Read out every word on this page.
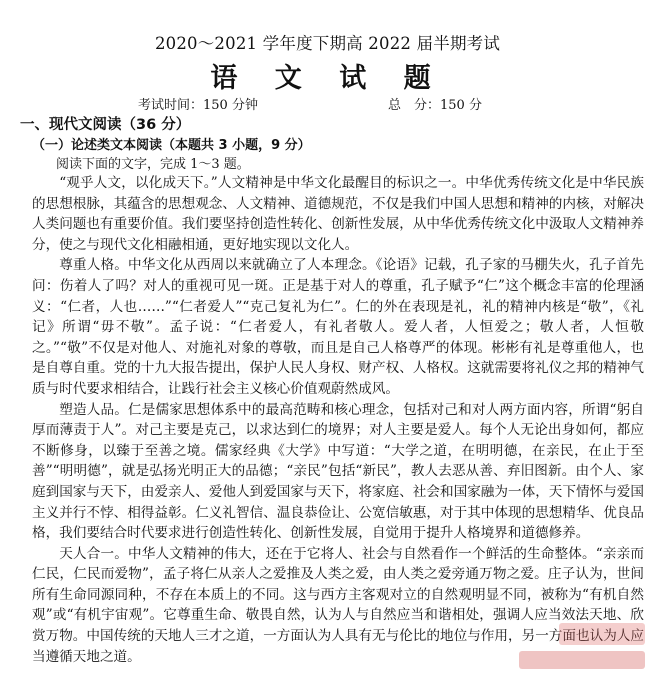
2020～2021 学年度下期高 2022 届半期考试
语 文 试 题
考试时间：150 分钟	总　分：150 分
一、现代文阅读（36 分）
（一）论述类文本阅读（本题共 3 小题，9 分）
阅读下面的文字，完成 1～3 题。

“观乎人文，以化成天下。”人文精神是中华文化最醒目的标识之一。中华优秀传统文化是中华民族的思想根脉，其蕴含的思想观念、人文精神、道德规范，不仅是我们中国人思想和精神的内核，对解决人类问题也有重要价值。我们要坚持创造性转化、创新性发展，从中华优秀传统文化中汲取人文精神养分，使之与现代文化相融相通，更好地实现以文化人。

尊重人格。中华文化从西周以来就确立了人本理念。《论语》记载，孔子家的马棚失火，孔子首先问：伤着人了吗？对人的重视可见一斑。正是基于对人的尊重，孔子赋予“仁”这个概念丰富的伦理涵义：“仁者，人也……”“仁者爱人”“克己复礼为仁”。仁的外在表现是礼，礼的精神内核是“敬”，《礼记》所谓“毋不敬”。孟子说：“仁者爱人，有礼者敬人。爱人者，人恒爱之；敬人者，人恒敬之。”“敬”不仅是对他人、对施礼对象的尊敬，而且是自己人格尊严的体现。彬彬有礼是尊重他人，也是自尊自重。党的十九大报告提出，保护人民人身权、财产权、人格权。这就需要将礼仪之邦的精神气质与时代要求相结合，让践行社会主义核心价值观蔚然成风。

塑造人品。仁是儒家思想体系中的最高范畴和核心理念，包括对己和对人两方面内容，所谓“躬自厚而薄责于人”。对己主要是克己，以求达到仁的境界；对人主要是爱人。每个人无论出身如何，都应不断修身，以臻于至善之境。儒家经典《大学》中写道：“大学之道，在明明德，在亲民，在止于至善”“明明德”，就是弘扬光明正大的品德；“亲民”包括“新民”，教人去恶从善、弃旧图新。由个人、家庭到国家与天下，由爱亲人、爱他人到爱国家与天下，将家庭、社会和国家融为一体，天下情怀与爱国主义并行不悖、相得益彰。仁义礼智信、温良恭俭让、公宽信敏惠，对于其中体现的思想精华、优良品格，我们要结合时代要求进行创造性转化、创新性发展，自觉用于提升人格境界和道德修养。

天人合一。中华人文精神的伟大，还在于它将人、社会与自然看作一个鲜活的生命整体。“亲亲而仁民，仁民而爱物”，孟子将仁从亲人之爱推及人类之爱，由人类之爱旁通万物之爱。庄子认为，世间所有生命同源同种，不存在本质上的不同。这与西方主客观对立的自然观明显不同，被称为“有机自然观”或“有机宇宙观”。它尊重生命、敬畏自然，认为人与自然应当和谐相处，强调人应当效法天地、欣赏万物。中国传统的天地人三才之道，一方面认为人具有无与伦比的地位与作用，另一方面也认为人应当遵循天地之道。
